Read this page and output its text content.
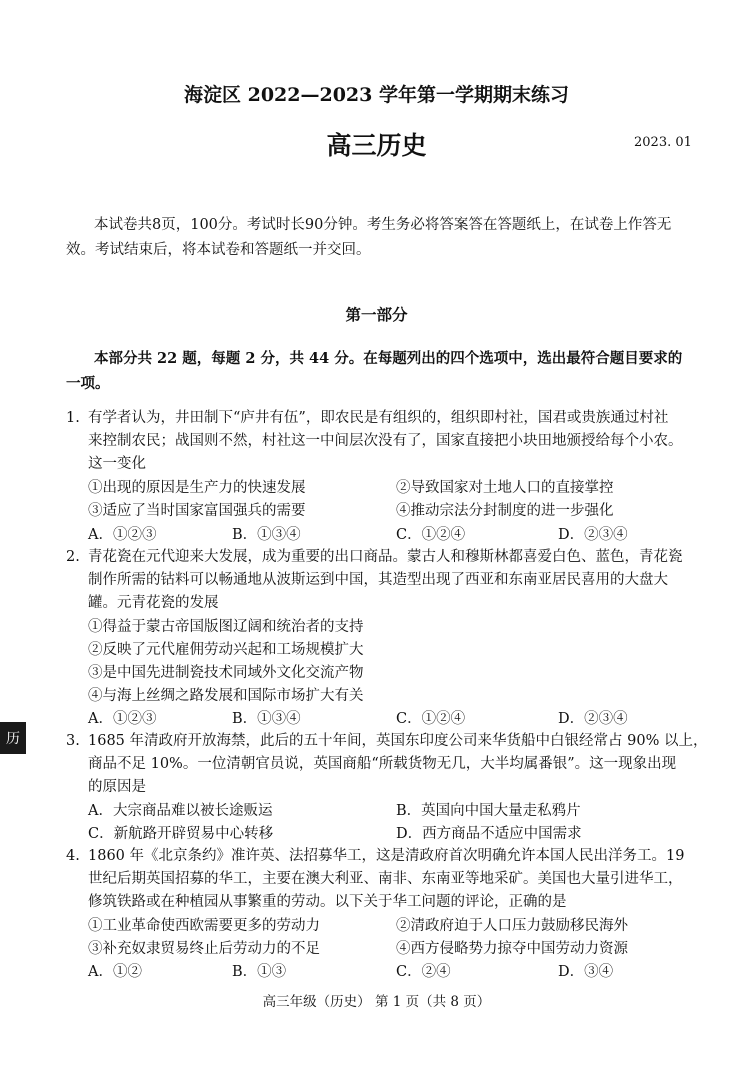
海淀区 2022—2023 学年第一学期期末练习
高三历史	2023. 01
本试卷共8页，100分。考试时长90分钟。考生务必将答案答在答题纸上，在试卷上作答无
效。考试结束后，将本试卷和答题纸一并交回。
第一部分
本部分共 22 题，每题 2 分，共 44 分。在每题列出的四个选项中，选出最符合题目要求的
一项。
1. 有学者认为，井田制下“庐井有伍”，即农民是有组织的，组织即村社，国君或贵族通过村社
来控制农民；战国则不然，村社这一中间层次没有了，国家直接把小块田地颁授给每个小农。
这一变化
①出现的原因是生产力的快速发展	②导致国家对土地人口的直接掌控
③适应了当时国家富国强兵的需要	④推动宗法分封制度的进一步强化
A．①②③	B．①③④	C．①②④	D．②③④
2. 青花瓷在元代迎来大发展，成为重要的出口商品。蒙古人和穆斯林都喜爱白色、蓝色，青花瓷
制作所需的钴料可以畅通地从波斯运到中国，其造型出现了西亚和东南亚居民喜用的大盘大
罐。元青花瓷的发展
①得益于蒙古帝国版图辽阔和统治者的支持
②反映了元代雇佣劳动兴起和工场规模扩大
③是中国先进制瓷技术同域外文化交流产物
④与海上丝绸之路发展和国际市场扩大有关
A．①②③	B．①③④	C．①②④	D．②③④
3. 1685 年清政府开放海禁，此后的五十年间，英国东印度公司来华货船中白银经常占 90% 以上，
商品不足 10%。一位清朝官员说，英国商船“所载货物无几，大半均属番银”。这一现象出现
的原因是
A．大宗商品难以被长途贩运	B．英国向中国大量走私鸦片
C．新航路开辟贸易中心转移	D．西方商品不适应中国需求
4. 1860 年《北京条约》准许英、法招募华工，这是清政府首次明确允许本国人民出洋务工。19
世纪后期英国招募的华工，主要在澳大利亚、南非、东南亚等地采矿。美国也大量引进华工，
修筑铁路或在种植园从事繁重的劳动。以下关于华工问题的评论，正确的是
①工业革命使西欧需要更多的劳动力	②清政府迫于人口压力鼓励移民海外
③补充奴隶贸易终止后劳动力的不足	④西方侵略势力掠夺中国劳动力资源
A．①②	B．①③	C．②④	D．③④
历
高三年级（历史） 第 1 页（共 8 页）
